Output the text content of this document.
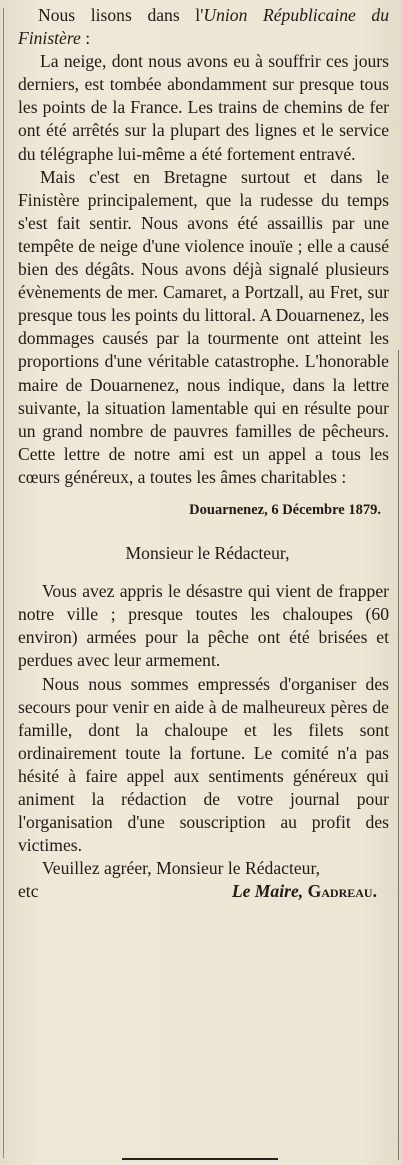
Nous lisons dans l'Union Républicaine du Finistère :

La neige, dont nous avons eu à souffrir ces jours derniers, est tombée abondamment sur presque tous les points de la France. Les trains de chemins de fer ont été arrêtés sur la plupart des lignes et le service du télégraphe lui-même a été fortement entravé.

Mais c'est en Bretagne surtout et dans le Finistère principalement, que la rudesse du temps s'est fait sentir. Nous avons été assaillis par une tempête de neige d'une violence inouïe ; elle a causé bien des dégâts. Nous avons déjà signalé plusieurs évènements de mer. Camaret, a Portzall, au Fret, sur presque tous les points du littoral. A Douarnenez, les dommages causés par la tourmente ont atteint les proportions d'une véritable catastrophe. L'honorable maire de Douarnenez, nous indique, dans la lettre suivante, la situation lamentable qui en résulte pour un grand nombre de pauvres familles de pêcheurs. Cette lettre de notre ami est un appel a tous les cœurs généreux, a toutes les âmes charitables :

Douarnenez, 6 Décembre 1879.
Monsieur le Rédacteur,

Vous avez appris le désastre qui vient de frapper notre ville ; presque toutes les chaloupes (60 environ) armées pour la pêche ont été brisées et perdues avec leur armement.

Nous nous sommes empressés d'organiser des secours pour venir en aide à de malheureux pères de famille, dont la chaloupe et les filets sont ordinairement toute la fortune. Le comité n'a pas hésité à faire appel aux sentiments généreux qui animent la rédaction de votre journal pour l'organisation d'une souscription au profit des victimes.

Veuillez agréer, Monsieur le Rédacteur,

etc	Le Maire, Gadreau.
